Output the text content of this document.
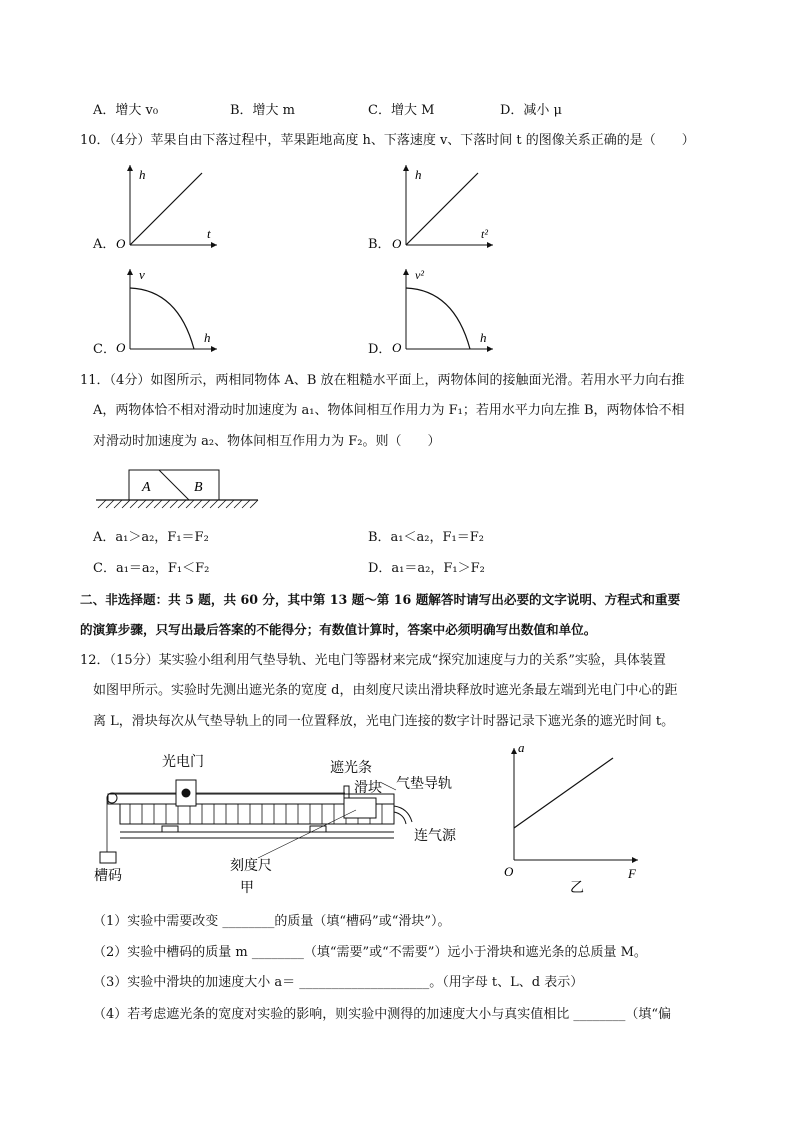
A．增大 v₀	B．增大 m	C．增大 M	D．减小 μ
10．（4分）苹果自由下落过程中，苹果距地高度 h、下落速度 v、下落时间 t 的图像关系正确的是（　　）
A．	B．
C．	D．
h
t
O
h
t²
O
v
h
O
v²
h
O
11．（4分）如图所示，两相同物体 A、B 放在粗糙水平面上，两物体间的接触面光滑。若用水平力向右推
A，两物体恰不相对滑动时加速度为 a₁、物体间相互作用力为 F₁；若用水平力向左推 B，两物体恰不相
对滑动时加速度为 a₂、物体间相互作用力为 F₂。则（　　）
A	B
A．a₁＞a₂，F₁＝F₂	B．a₁＜a₂，F₁＝F₂
C．a₁＝a₂，F₁＜F₂	D．a₁＝a₂，F₁＞F₂
二、非选择题：共 5 题，共 60 分，其中第 13 题～第 16 题解答时请写出必要的文字说明、方程式和重要
的演算步骤，只写出最后答案的不能得分；有数值计算时，答案中必须明确写出数值和单位。
12．（15分）某实验小组利用气垫导轨、光电门等器材来完成“探究加速度与力的关系”实验，具体装置
如图甲所示。实验时先测出遮光条的宽度 d，由刻度尺读出滑块释放时遮光条最左端到光电门中心的距
离 L，滑块每次从气垫导轨上的同一位置释放，光电门连接的数字计时器记录下遮光条的遮光时间 t。
光电门	遮光条
滑块 气垫导轨
连气源
刻度尺
槽码
甲
a
F
O
乙
（1）实验中需要改变 ________的质量（填“槽码”或“滑块”）。
（2）实验中槽码的质量 m ________（填“需要”或“不需要”）远小于滑块和遮光条的总质量 M。
（3）实验中滑块的加速度大小 a＝ ____________________。（用字母 t、L、d 表示）
（4）若考虑遮光条的宽度对实验的影响，则实验中测得的加速度大小与真实值相比 ________（填“偏
